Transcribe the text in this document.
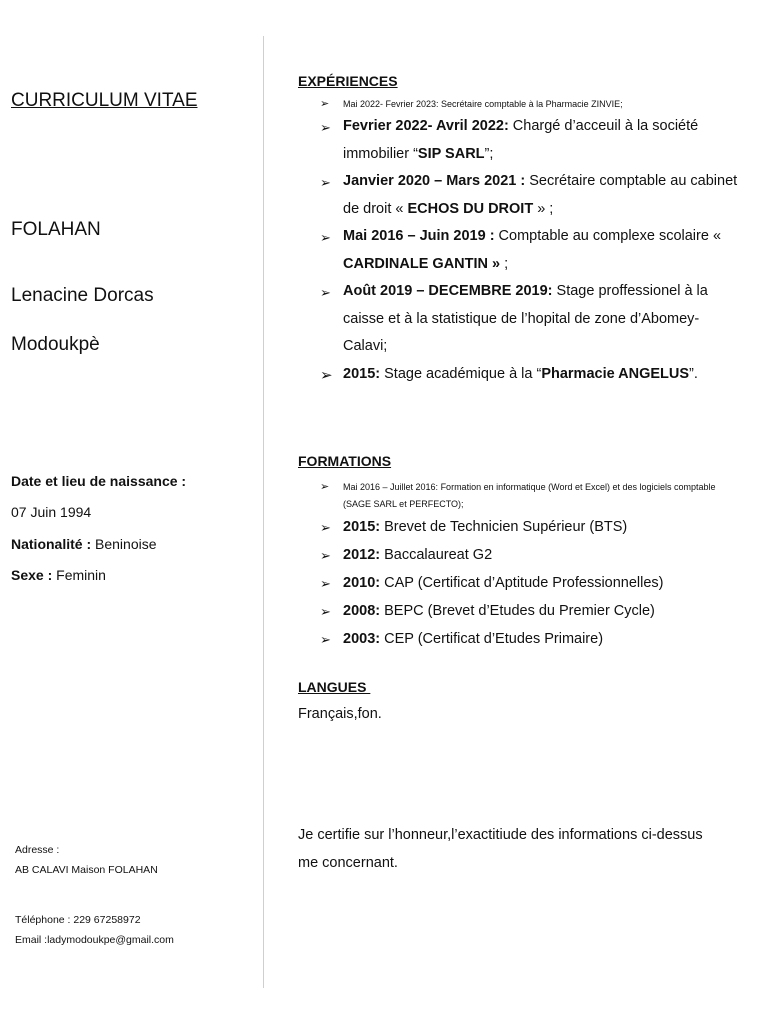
CURRICULUM VITAE
FOLAHAN
Lenacine Dorcas
Modoukpè
Date et lieu de naissance :
07 Juin 1994
Nationalité : Beninoise
Sexe : Feminin
Adresse :
AB CALAVI Maison FOLAHAN
Téléphone : 229 67258972
Email :ladymodoukpe@gmail.com
EXPÉRIENCES
➢ Mai 2022- Fevrier 2023: Secrétaire comptable à la Pharmacie ZINVIE;
➢ Fevrier 2022- Avril 2022: Chargé d’acceuil à la société immobilier “SIP SARL”;
➢ Janvier 2020 – Mars 2021 : Secrétaire comptable au cabinet de droit « ECHOS DU DROIT » ;
➢ Mai 2016 – Juin 2019 : Comptable au complexe scolaire « CARDINALE GANTIN » ;
➢ Août 2019 – DECEMBRE 2019: Stage proffessionel à la caisse et à la statistique de l’hopital de zone d’Abomey-Calavi;
➢ 2015: Stage académique à la “Pharmacie ANGELUS”.
FORMATIONS
➢ Mai 2016 – Juillet 2016: Formation en informatique (Word et Excel) et des logiciels comptable (SAGE SARL et PERFECTO);
➢ 2015: Brevet de Technicien Supérieur (BTS)
➢ 2012: Baccalaureat G2
➢ 2010: CAP (Certificat d’Aptitude Professionnelles)
➢ 2008: BEPC (Brevet d’Etudes du Premier Cycle)
➢ 2003: CEP (Certificat d’Etudes Primaire)
LANGUES
Français,fon.
Je certifie sur l’honneur,l’exactitiude des informations ci-dessus me concernant.
